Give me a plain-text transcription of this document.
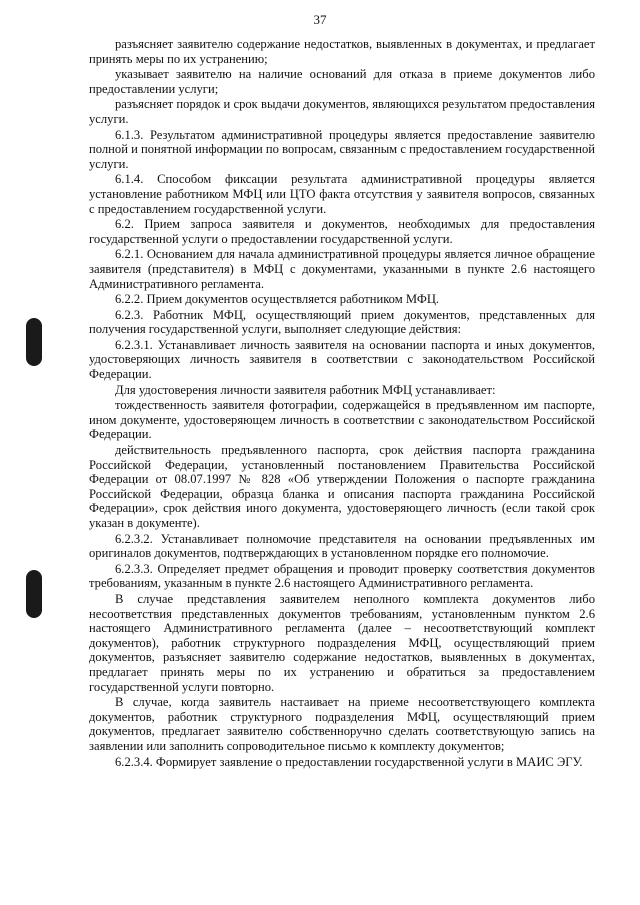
37

разъясняет заявителю содержание недостатков, выявленных в документах, и предлагает принять меры по их устранению;

указывает заявителю на наличие оснований для отказа в приеме документов либо предоставлении услуги;

разъясняет порядок и срок выдачи документов, являющихся результатом предоставления услуги.

6.1.3. Результатом административной процедуры является предоставление заявителю полной и понятной информации по вопросам, связанным с предоставлением государственной услуги.

6.1.4. Способом фиксации результата административной процедуры является установление работником МФЦ или ЦТО факта отсутствия у заявителя вопросов, связанных с предоставлением государственной услуги.

6.2. Прием запроса заявителя и документов, необходимых для предоставления государственной услуги о предоставлении государственной услуги.

6.2.1. Основанием для начала административной процедуры является личное обращение заявителя (представителя) в МФЦ с документами, указанными в пункте 2.6 настоящего Административного регламента.

6.2.2. Прием документов осуществляется работником МФЦ.

6.2.3. Работник МФЦ, осуществляющий прием документов, представленных для получения государственной услуги, выполняет следующие действия:

6.2.3.1. Устанавливает личность заявителя на основании паспорта и иных документов, удостоверяющих личность заявителя в соответствии с законодательством Российской Федерации.

Для удостоверения личности заявителя работник МФЦ устанавливает:

тождественность заявителя фотографии, содержащейся в предъявленном им паспорте, ином документе, удостоверяющем личность в соответствии с законодательством Российской Федерации.

действительность предъявленного паспорта, срок действия паспорта гражданина Российской Федерации, установленный постановлением Правительства Российской Федерации от 08.07.1997 № 828 «Об утверждении Положения о паспорте гражданина Российской Федерации, образца бланка и описания паспорта гражданина Российской Федерации», срок действия иного документа, удостоверяющего личность (если такой срок указан в документе).

6.2.3.2. Устанавливает полномочие представителя на основании предъявленных им оригиналов документов, подтверждающих в установленном порядке его полномочие.

6.2.3.3. Определяет предмет обращения и проводит проверку соответствия документов требованиям, указанным в пункте 2.6 настоящего Административного регламента.

В случае представления заявителем неполного комплекта документов либо несоответствия представленных документов требованиям, установленным пунктом 2.6 настоящего Административного регламента (далее – несоответствующий комплект документов), работник структурного подразделения МФЦ, осуществляющий прием документов, разъясняет заявителю содержание недостатков, выявленных в документах, предлагает принять меры по их устранению и обратиться за предоставлением государственной услуги повторно.

В случае, когда заявитель настаивает на приеме несоответствующего комплекта документов, работник структурного подразделения МФЦ, осуществляющий прием документов, предлагает заявителю собственноручно сделать соответствующую запись на заявлении или заполнить сопроводительное письмо к комплекту документов;

6.2.3.4. Формирует заявление о предоставлении государственной услуги в МАИС ЭГУ.
